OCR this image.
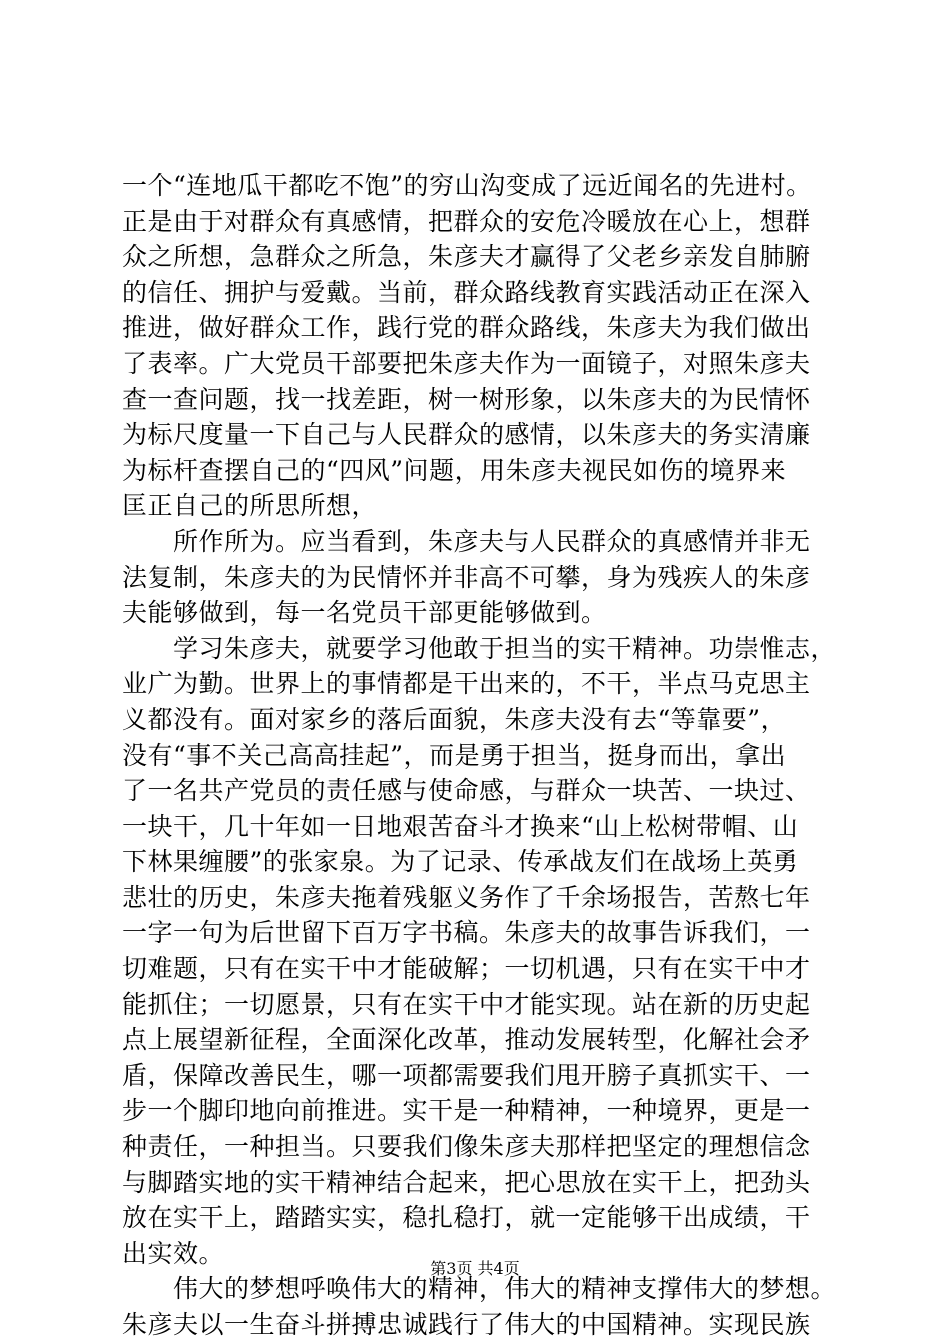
一个“连地瓜干都吃不饱”的穷山沟变成了远近闻名的先进村。
正是由于对群众有真感情，把群众的安危冷暖放在心上，想群
众之所想，急群众之所急，朱彦夫才赢得了父老乡亲发自肺腑
的信任、拥护与爱戴。当前，群众路线教育实践活动正在深入
推进，做好群众工作，践行党的群众路线，朱彦夫为我们做出
了表率。广大党员干部要把朱彦夫作为一面镜子，对照朱彦夫
查一查问题，找一找差距，树一树形象，以朱彦夫的为民情怀
为标尺度量一下自己与人民群众的感情，以朱彦夫的务实清廉
为标杆查摆自己的“四风”问题，用朱彦夫视民如伤的境界来
匡正自己的所思所想，
　　所作所为。应当看到，朱彦夫与人民群众的真感情并非无
法复制，朱彦夫的为民情怀并非高不可攀，身为残疾人的朱彦
夫能够做到，每一名党员干部更能够做到。
　　学习朱彦夫，就要学习他敢于担当的实干精神。功崇惟志，
业广为勤。世界上的事情都是干出来的，不干，半点马克思主
义都没有。面对家乡的落后面貌，朱彦夫没有去“等靠要”，
没有“事不关己高高挂起”，而是勇于担当，挺身而出，拿出
了一名共产党员的责任感与使命感，与群众一块苦、一块过、
一块干，几十年如一日地艰苦奋斗才换来“山上松树带帽、山
下林果缠腰”的张家泉。为了记录、传承战友们在战场上英勇
悲壮的历史，朱彦夫拖着残躯义务作了千余场报告，苦熬七年
一字一句为后世留下百万字书稿。朱彦夫的故事告诉我们，一
切难题，只有在实干中才能破解；一切机遇，只有在实干中才
能抓住；一切愿景，只有在实干中才能实现。站在新的历史起
点上展望新征程，全面深化改革，推动发展转型，化解社会矛
盾，保障改善民生，哪一项都需要我们甩开膀子真抓实干、一
步一个脚印地向前推进。实干是一种精神，一种境界，更是一
种责任，一种担当。只要我们像朱彦夫那样把坚定的理想信念
与脚踏实地的实干精神结合起来，把心思放在实干上，把劲头
放在实干上，踏踏实实，稳扎稳打，就一定能够干出成绩，干
出实效。
　　伟大的梦想呼唤伟大的精神，伟大的精神支撑伟大的梦想。
朱彦夫以一生奋斗拼搏忠诚践行了伟大的中国精神。实现民族
第3页 共4页
